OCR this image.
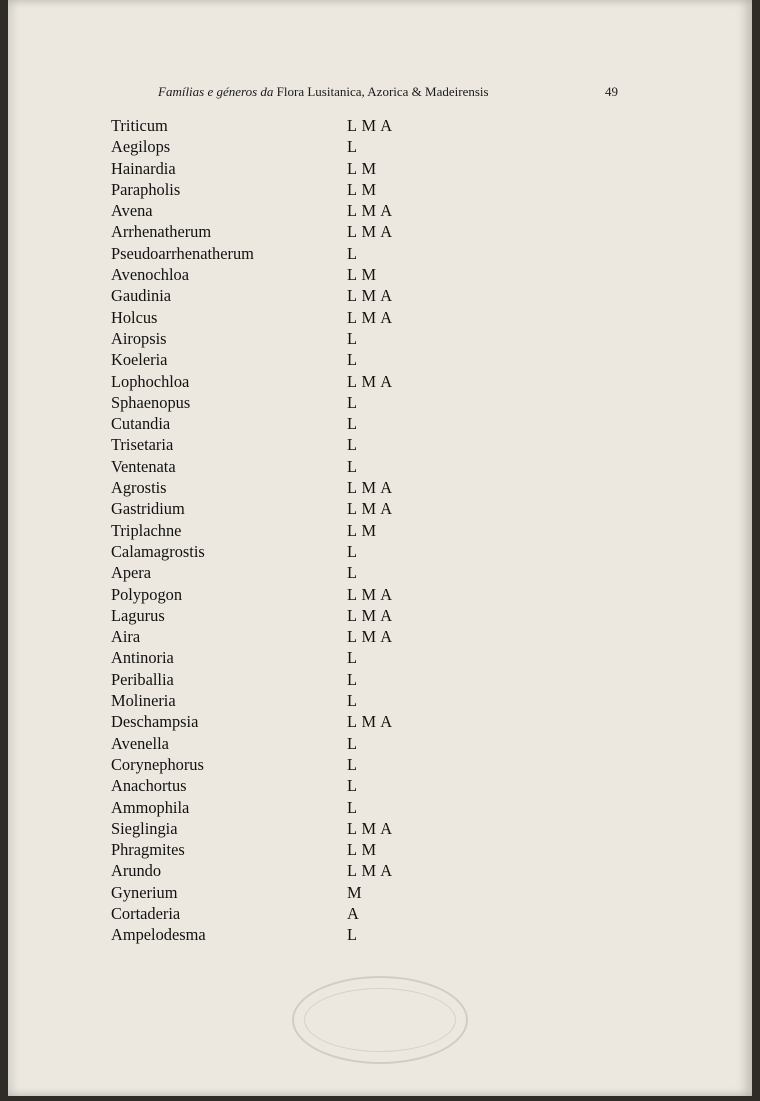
Famílias e géneros da Flora Lusitanica, Azorica & Madeirensis	49
Triticum	L M A
Aegilops	L
Hainardia	L M
Parapholis	L M
Avena	L M A
Arrhenatherum	L M A
Pseudoarrhenatherum	L
Avenochloa	L M
Gaudinia	L M A
Holcus	L M A
Airopsis	L
Koeleria	L
Lophochloa	L M A
Sphaenopus	L
Cutandia	L
Trisetaria	L
Ventenata	L
Agrostis	L M A
Gastridium	L M A
Triplachne	L M
Calamagrostis	L
Apera	L
Polypogon	L M A
Lagurus	L M A
Aira	L M A
Antinoria	L
Periballia	L
Molineria	L
Deschampsia	L M A
Avenella	L
Corynephorus	L
Anachortus	L
Ammophila	L
Sieglingia	L M A
Phragmites	L M
Arundo	L M A
Gynerium	M
Cortaderia	A
Ampelodesma	L
